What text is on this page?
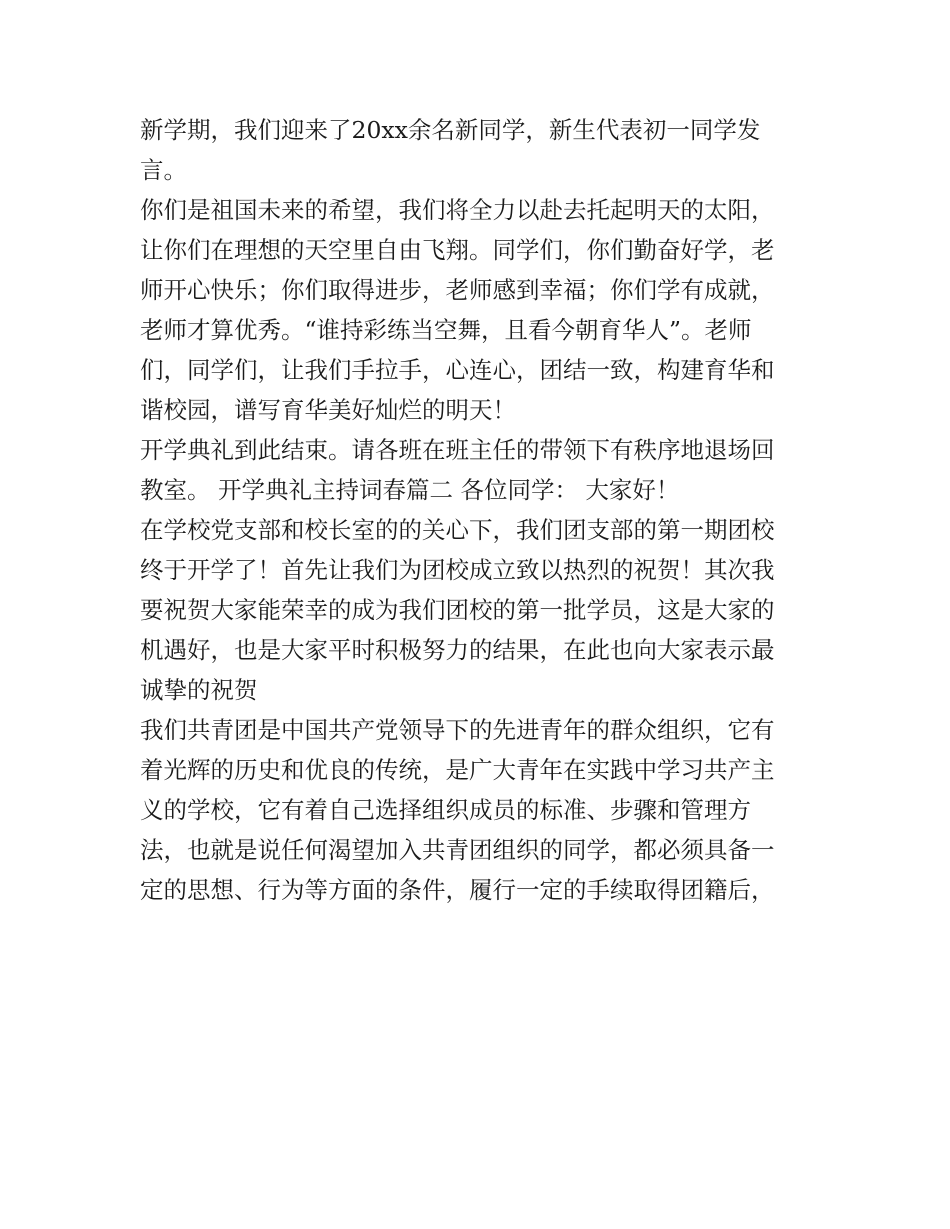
新学期，我们迎来了20xx余名新同学，新生代表初一同学发
言。
你们是祖国未来的希望，我们将全力以赴去托起明天的太阳，
让你们在理想的天空里自由飞翔。同学们，你们勤奋好学，老
师开心快乐；你们取得进步，老师感到幸福；你们学有成就，
老师才算优秀。“谁持彩练当空舞，且看今朝育华人”。老师
们，同学们，让我们手拉手，心连心，团结一致，构建育华和
谐校园，谱写育华美好灿烂的明天！
开学典礼到此结束。请各班在班主任的带领下有秩序地退场回
教室。 开学典礼主持词春篇二 各位同学： 大家好！
在学校党支部和校长室的的关心下，我们团支部的第一期团校
终于开学了！首先让我们为团校成立致以热烈的祝贺！其次我
要祝贺大家能荣幸的成为我们团校的第一批学员，这是大家的
机遇好，也是大家平时积极努力的结果，在此也向大家表示最
诚挚的祝贺
我们共青团是中国共产党领导下的先进青年的群众组织，它有
着光辉的历史和优良的传统，是广大青年在实践中学习共产主
义的学校，它有着自己选择组织成员的标准、步骤和管理方
法，也就是说任何渴望加入共青团组织的同学，都必须具备一
定的思想、行为等方面的条件，履行一定的手续取得团籍后，
